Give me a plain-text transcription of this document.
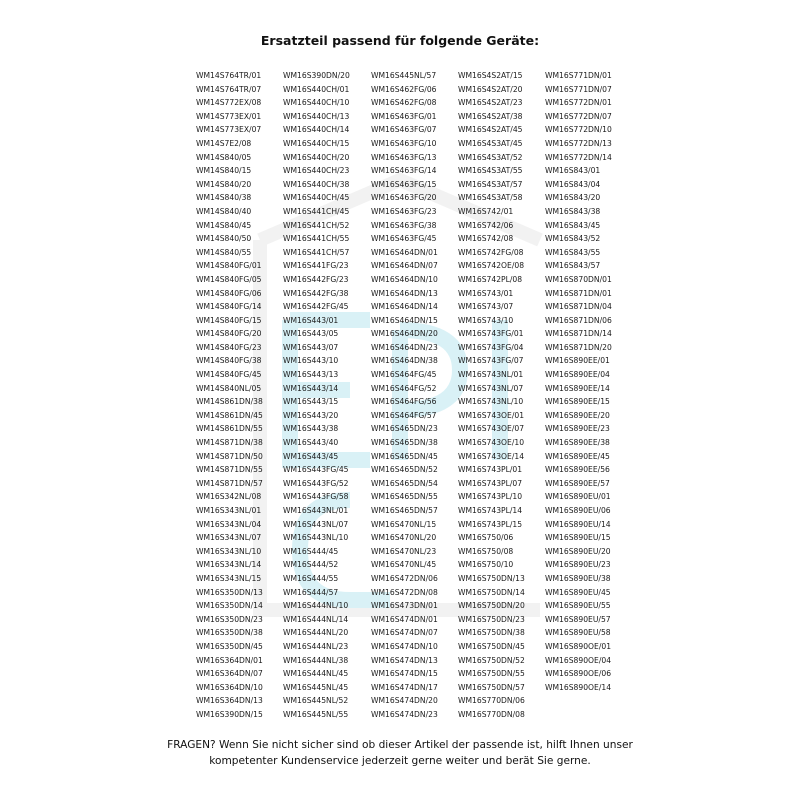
Ersatzteil passend für folgende Geräte:
WM14S764TR/01
WM14S764TR/07
WM14S772EX/08
WM14S773EX/01
WM14S773EX/07
WM14S7E2/08
WM14S840/05
WM14S840/15
WM14S840/20
WM14S840/38
WM14S840/40
WM14S840/45
WM14S840/50
WM14S840/55
WM14S840FG/01
WM14S840FG/05
WM14S840FG/06
WM14S840FG/14
WM14S840FG/15
WM14S840FG/20
WM14S840FG/23
WM14S840FG/38
WM14S840FG/45
WM14S840NL/05
WM14S861DN/38
WM14S861DN/45
WM14S861DN/55
WM14S871DN/38
WM14S871DN/50
WM14S871DN/55
WM14S871DN/57
WM16S342NL/08
WM16S343NL/01
WM16S343NL/04
WM16S343NL/07
WM16S343NL/10
WM16S343NL/14
WM16S343NL/15
WM16S350DN/13
WM16S350DN/14
WM16S350DN/23
WM16S350DN/38
WM16S350DN/45
WM16S364DN/01
WM16S364DN/07
WM16S364DN/10
WM16S364DN/13
WM16S390DN/15
WM16S390DN/20
WM16S440CH/01
WM16S440CH/10
WM16S440CH/13
WM16S440CH/14
WM16S440CH/15
WM16S440CH/20
WM16S440CH/23
WM16S440CH/38
WM16S440CH/45
WM16S441CH/45
WM16S441CH/52
WM16S441CH/55
WM16S441CH/57
WM16S441FG/23
WM16S442FG/23
WM16S442FG/38
WM16S442FG/45
WM16S443/01
WM16S443/05
WM16S443/07
WM16S443/10
WM16S443/13
WM16S443/14
WM16S443/15
WM16S443/20
WM16S443/38
WM16S443/40
WM16S443/45
WM16S443FG/45
WM16S443FG/52
WM16S443FG/58
WM16S443NL/01
WM16S443NL/07
WM16S443NL/10
WM16S444/45
WM16S444/52
WM16S444/55
WM16S444/57
WM16S444NL/10
WM16S444NL/14
WM16S444NL/20
WM16S444NL/23
WM16S444NL/38
WM16S444NL/45
WM16S445NL/45
WM16S445NL/52
WM16S445NL/55
WM16S445NL/57
WM16S462FG/06
WM16S462FG/08
WM16S463FG/01
WM16S463FG/07
WM16S463FG/10
WM16S463FG/13
WM16S463FG/14
WM16S463FG/15
WM16S463FG/20
WM16S463FG/23
WM16S463FG/38
WM16S463FG/45
WM16S464DN/01
WM16S464DN/07
WM16S464DN/10
WM16S464DN/13
WM16S464DN/14
WM16S464DN/15
WM16S464DN/20
WM16S464DN/23
WM16S464DN/38
WM16S464FG/45
WM16S464FG/52
WM16S464FG/56
WM16S464FG/57
WM16S465DN/23
WM16S465DN/38
WM16S465DN/45
WM16S465DN/52
WM16S465DN/54
WM16S465DN/55
WM16S465DN/57
WM16S470NL/15
WM16S470NL/20
WM16S470NL/23
WM16S470NL/45
WM16S472DN/06
WM16S472DN/08
WM16S473DN/01
WM16S474DN/01
WM16S474DN/07
WM16S474DN/10
WM16S474DN/13
WM16S474DN/15
WM16S474DN/17
WM16S474DN/20
WM16S474DN/23
WM16S4S2AT/15
WM16S4S2AT/20
WM16S4S2AT/23
WM16S4S2AT/38
WM16S4S2AT/45
WM16S4S3AT/45
WM16S4S3AT/52
WM16S4S3AT/55
WM16S4S3AT/57
WM16S4S3AT/58
WM16S742/01
WM16S742/06
WM16S742/08
WM16S742FG/08
WM16S742OE/08
WM16S742PL/08
WM16S743/01
WM16S743/07
WM16S743/10
WM16S743FG/01
WM16S743FG/04
WM16S743FG/07
WM16S743NL/01
WM16S743NL/07
WM16S743NL/10
WM16S743OE/01
WM16S743OE/07
WM16S743OE/10
WM16S743OE/14
WM16S743PL/01
WM16S743PL/07
WM16S743PL/10
WM16S743PL/14
WM16S743PL/15
WM16S750/06
WM16S750/08
WM16S750/10
WM16S750DN/13
WM16S750DN/14
WM16S750DN/20
WM16S750DN/23
WM16S750DN/38
WM16S750DN/45
WM16S750DN/52
WM16S750DN/55
WM16S750DN/57
WM16S770DN/06
WM16S770DN/08
WM16S771DN/01
WM16S771DN/07
WM16S772DN/01
WM16S772DN/07
WM16S772DN/10
WM16S772DN/13
WM16S772DN/14
WM16S843/01
WM16S843/04
WM16S843/20
WM16S843/38
WM16S843/45
WM16S843/52
WM16S843/55
WM16S843/57
WM16S870DN/01
WM16S871DN/01
WM16S871DN/04
WM16S871DN/06
WM16S871DN/14
WM16S871DN/20
WM16S890EE/01
WM16S890EE/04
WM16S890EE/14
WM16S890EE/15
WM16S890EE/20
WM16S890EE/23
WM16S890EE/38
WM16S890EE/45
WM16S890EE/56
WM16S890EE/57
WM16S890EU/01
WM16S890EU/06
WM16S890EU/14
WM16S890EU/15
WM16S890EU/20
WM16S890EU/23
WM16S890EU/38
WM16S890EU/45
WM16S890EU/55
WM16S890EU/57
WM16S890EU/58
WM16S890OE/01
WM16S890OE/04
WM16S890OE/06
WM16S890OE/14
FRAGEN? Wenn Sie nicht sicher sind ob dieser Artikel der passende ist, hilft Ihnen unser
kompetenter Kundenservice jederzeit gerne weiter und berät Sie gerne.
